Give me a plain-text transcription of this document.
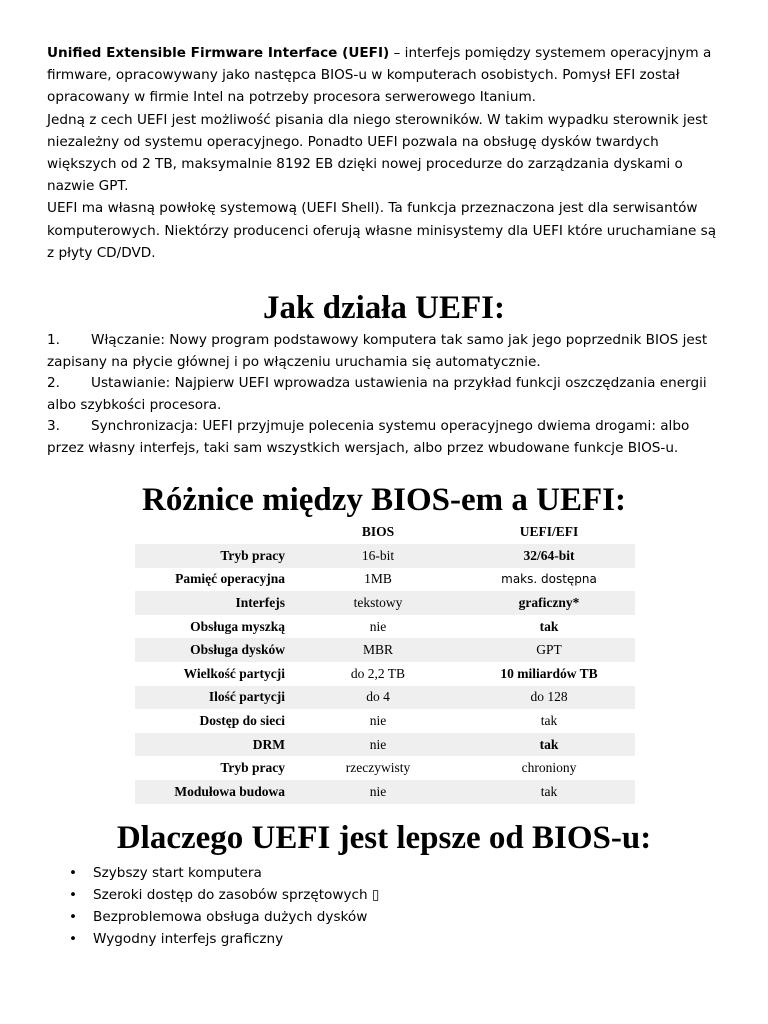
Unified Extensible Firmware Interface (UEFI) – interfejs pomiędzy systemem operacyjnym a firmware, opracowywany jako następca BIOS-u w komputerach osobistych. Pomysł EFI został opracowany w firmie Intel na potrzeby procesora serwerowego Itanium.

Jedną z cech UEFI jest możliwość pisania dla niego sterowników. W takim wypadku sterownik jest niezależny od systemu operacyjnego. Ponadto UEFI pozwala na obsługę dysków twardych większych od 2 TB, maksymalnie 8192 EB dzięki nowej procedurze do zarządzania dyskami o nazwie GPT.

UEFI ma własną powłokę systemową (UEFI Shell). Ta funkcja przeznaczona jest dla serwisantów komputerowych. Niektórzy producenci oferują własne minisystemy dla UEFI które uruchamiane są z płyty CD/DVD.

Jak działa UEFI:

1. Włączanie: Nowy program podstawowy komputera tak samo jak jego poprzednik BIOS jest zapisany na płycie głównej i po włączeniu uruchamia się automatycznie.

2. Ustawianie: Najpierw UEFI wprowadza ustawienia na przykład funkcji oszczędzania energii albo szybkości procesora.

3. Synchronizacja: UEFI przyjmuje polecenia systemu operacyjnego dwiema drogami: albo przez własny interfejs, taki sam wszystkich wersjach, albo przez wbudowane funkcje BIOS-u.

Różnice między BIOS-em a UEFI:
	BIOS	UEFI/EFI
Tryb pracy	16-bit	32/64-bit
Pamięć operacyjna	1MB	maks. dostępna
Interfejs	tekstowy	graficzny*
Obsługa myszką	nie	tak
Obsługa dysków	MBR	GPT
Wielkość partycji	do 2,2 TB	10 miliardów TB
Ilość partycji	do 4	do 128
Dostęp do sieci	nie	tak
DRM	nie	tak
Tryb pracy	rzeczywisty	chroniony
Modułowa budowa	nie	tak
Dlaczego UEFI jest lepsze od BIOS-u:
• Szybszy start komputera
• Szeroki dostęp do zasobów sprzętowych ▯
• Bezproblemowa obsługa dużych dysków
• Wygodny interfejs graficzny
